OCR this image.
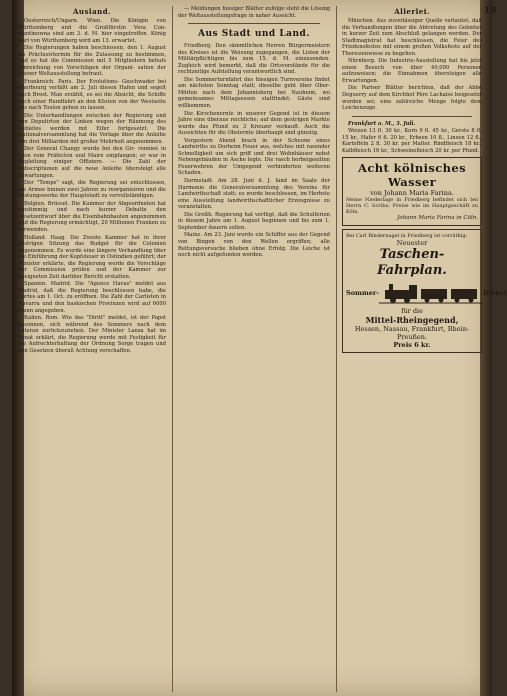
18
Ausland.

Oesterreich/Ungarn. Wien. Die Königin von Württemberg und die Großfürstin Vera Con- stantinowna sind am 3. d. M. hier eingetroffen. König Karl von Württemberg wird am 13. erwartet.

Die Regierungen haben beschlossen, den 1. August als Präclusivtermin für die Zulassung zu bestimmen, und es hat die Commission mit 5 Mitgliedern behufs Einreichung von Vorschlägen der Organi- sation der Wiener Weltausstellung betraut.

Frankreich. Paris. Der Evolutions- Geschwader bei Cherbourg verläßt am 2. Juli diesen Hafen und segelt nach Brest. Man erzählt, es sei die Absicht, die Schiffe nach einer Rundfahrt an den Küsten von der Westseite aus nach Toulon gehen zu lassen.

Die Unterhandlungen zwischen der Regierung und den Deputirten der Linken wegen der Räumung des Gebietes werden mit Eifer fortgesetzt. Die Nationalversammlung hat die Vorlage über die Anleihe von drei Milliarden mit großer Mehrheit angenommen.

Der General Changy wurde bei den Gir- ronnieé in Lyon vom Präfecten und Maire empfangen; er war in Begleitung einiger Offiziere. — Die Zahl der Subscriptionen auf die neue Anleihe übersteigt alle Erwartungen.

Der "Temps" sagt, die Regierung sei entschlossen, die Armee binnen zwei Jahren zu reorganisiren und die Festungswerke der Hauptstadt zu vervollständigen.

Belgien. Brüssel. Die Kammer der Abgeordneten hat einstimmig und nach kurzer Debatte den Gesetzentwurf über die Eisenbahnbauten angenommen und die Regierung ermächtigt, 20 Millionen Franken zu verwenden.

Holland. Haag. Die Zweite Kammer hat in ihrer gestrigen Sitzung das Budget für die Colonien angenommen. Es wurde eine längere Verhandlung über die Einführung der Kopfsteuer in Ostindien geführt; der Minister erklärte, die Regierung werde die Vorschläge der Commission prüfen und der Kammer zur geeigneten Zeit darüber Bericht erstatten.

Spanien. Madrid. Die "Agence Havas" meldet aus Madrid, daß die Regierung beschlossen habe, die Cortes am 1. Oct. zu eröffnen. Die Zahl der Carlisten in Navarra und den baskischen Provinzen wird auf 6000 Mann angegeben.

Italien. Rom. Wie das "Diritt" meldet, ist der Papst gesonnen, sich während des Sommers nach dem Lateran zurückzuziehen. Der Minister Lanza hat im Senat erklärt, die Regierung werde mit Festigkeit für die Aufrechterhaltung der Ordnung Sorge tragen und den Gesetzen überall Achtung verschaffen.

— Meldungen hiesiger Blätter zufolge steht die Lösung der Weltausstellungsfrage in naher Aussicht.

Aus Stadt und Land.

Friedberg. Den sämmtlichen Herren Bürgermeistern des Kreises ist die Weisung zugegangen, die Listen der Militärpflichtigen bis zum 15. d. M. einzusenden. Zugleich wird bemerkt, daß die Ortsvorstände für die rechtzeitige Aufstellung verantwortlich sind.

Die Sommerturnfahrt des hiesigen Turnvereins findet am nächsten Sonntag statt; dieselbe geht über Ober-Mörlen nach dem Johannisberg bei Nauheim, wo gemeinsames Mittagsessen stattfindet. Gäste sind willkommen.

Die Kirschenernte in unserer Gegend ist in diesem Jahre eine überaus reichliche; auf dem gestrigen Markte wurde das Pfund zu 3 Kreuzer verkauft. Auch die Aussichten für die Obsternte überhaupt sind günstig.

Vorgestern Abend brach in der Scheune eines Landwirths zu Dorheim Feuer aus, welches mit rasender Schnelligkeit um sich griff und drei Wohnhäuser nebst Nebengebäuden in Asche legte. Die rasch herbeigeeilten Feuerwehren der Umgegend verhinderten weiteren Schaden.

Darmstadt. Am 28. Juni d. J. fand im Saale der Harmonie die Generalversammlung des Vereins für Landwirthschaft statt; es wurde beschlossen, im Herbste eine Ausstellung landwirthschaftlicher Erzeugnisse zu veranstalten.

Die Großh. Regierung hat verfügt, daß die Schulferien in diesem Jahre am 1. August beginnen und bis zum 1. September dauern sollen.

Mainz. Am 23. Juni wurde ein Schiffer aus der Gegend von Bingen von den Wellen ergriffen; alle Rettungsversuche blieben ohne Erfolg. Die Leiche ist noch nicht aufgefunden worden.

Allerlei.

München. Aus zuverlässiger Quelle verlautet, daß die Verhandlungen über die Abtretung des Gebietes in kurzer Zeit zum Abschluß gelangen werden. Der Stadtmagistrat hat beschlossen, die Feier des Friedensfestes mit einem großen Volksfeste auf der Theresienwiese zu begehen.

Nürnberg. Die Industrie-Ausstellung hat bis jetzt einen Besuch von über 40,000 Personen aufzuweisen; die Einnahmen übersteigen alle Erwartungen.

Die Pariser Blätter berichten, daß der Abbé Deguerry auf dem Kirchhof Père Lachaise beigesetzt worden sei; eine zahlreiche Menge folgte dem Leichenzuge.

Frankfurt a. M., 3. Juli.

Weizen 13 fl. 30 kr., Korn 9 fl. 45 kr., Gerste 8 fl. 15 kr., Hafer 6 fl. 20 kr., Erbsen 10 fl., Linsen 12 fl., Kartoffeln 2 fl. 30 kr. per Malter. Rindfleisch 18 kr., Kalbfleisch 16 kr., Schweinefleisch 20 kr. per Pfund.

Acht kölnisches Wasser
von Johann Maria Farina.
Meine Niederlage in Friedberg befindet sich bei Herrn C. Scriba. Preise wie im Hauptgeschäft zu Köln.
Johann Maria Farina in Cöln.
Bei Carl Bindernagel in Friedberg ist vorräthig:
Neuester
Taschen-Fahrplan.
Sommer-	Dienst
für die
Mittel-Rheingegend,
Hessen, Nassau, Frankfurt, Rhein-Preußen.
Preis 6 kr.
